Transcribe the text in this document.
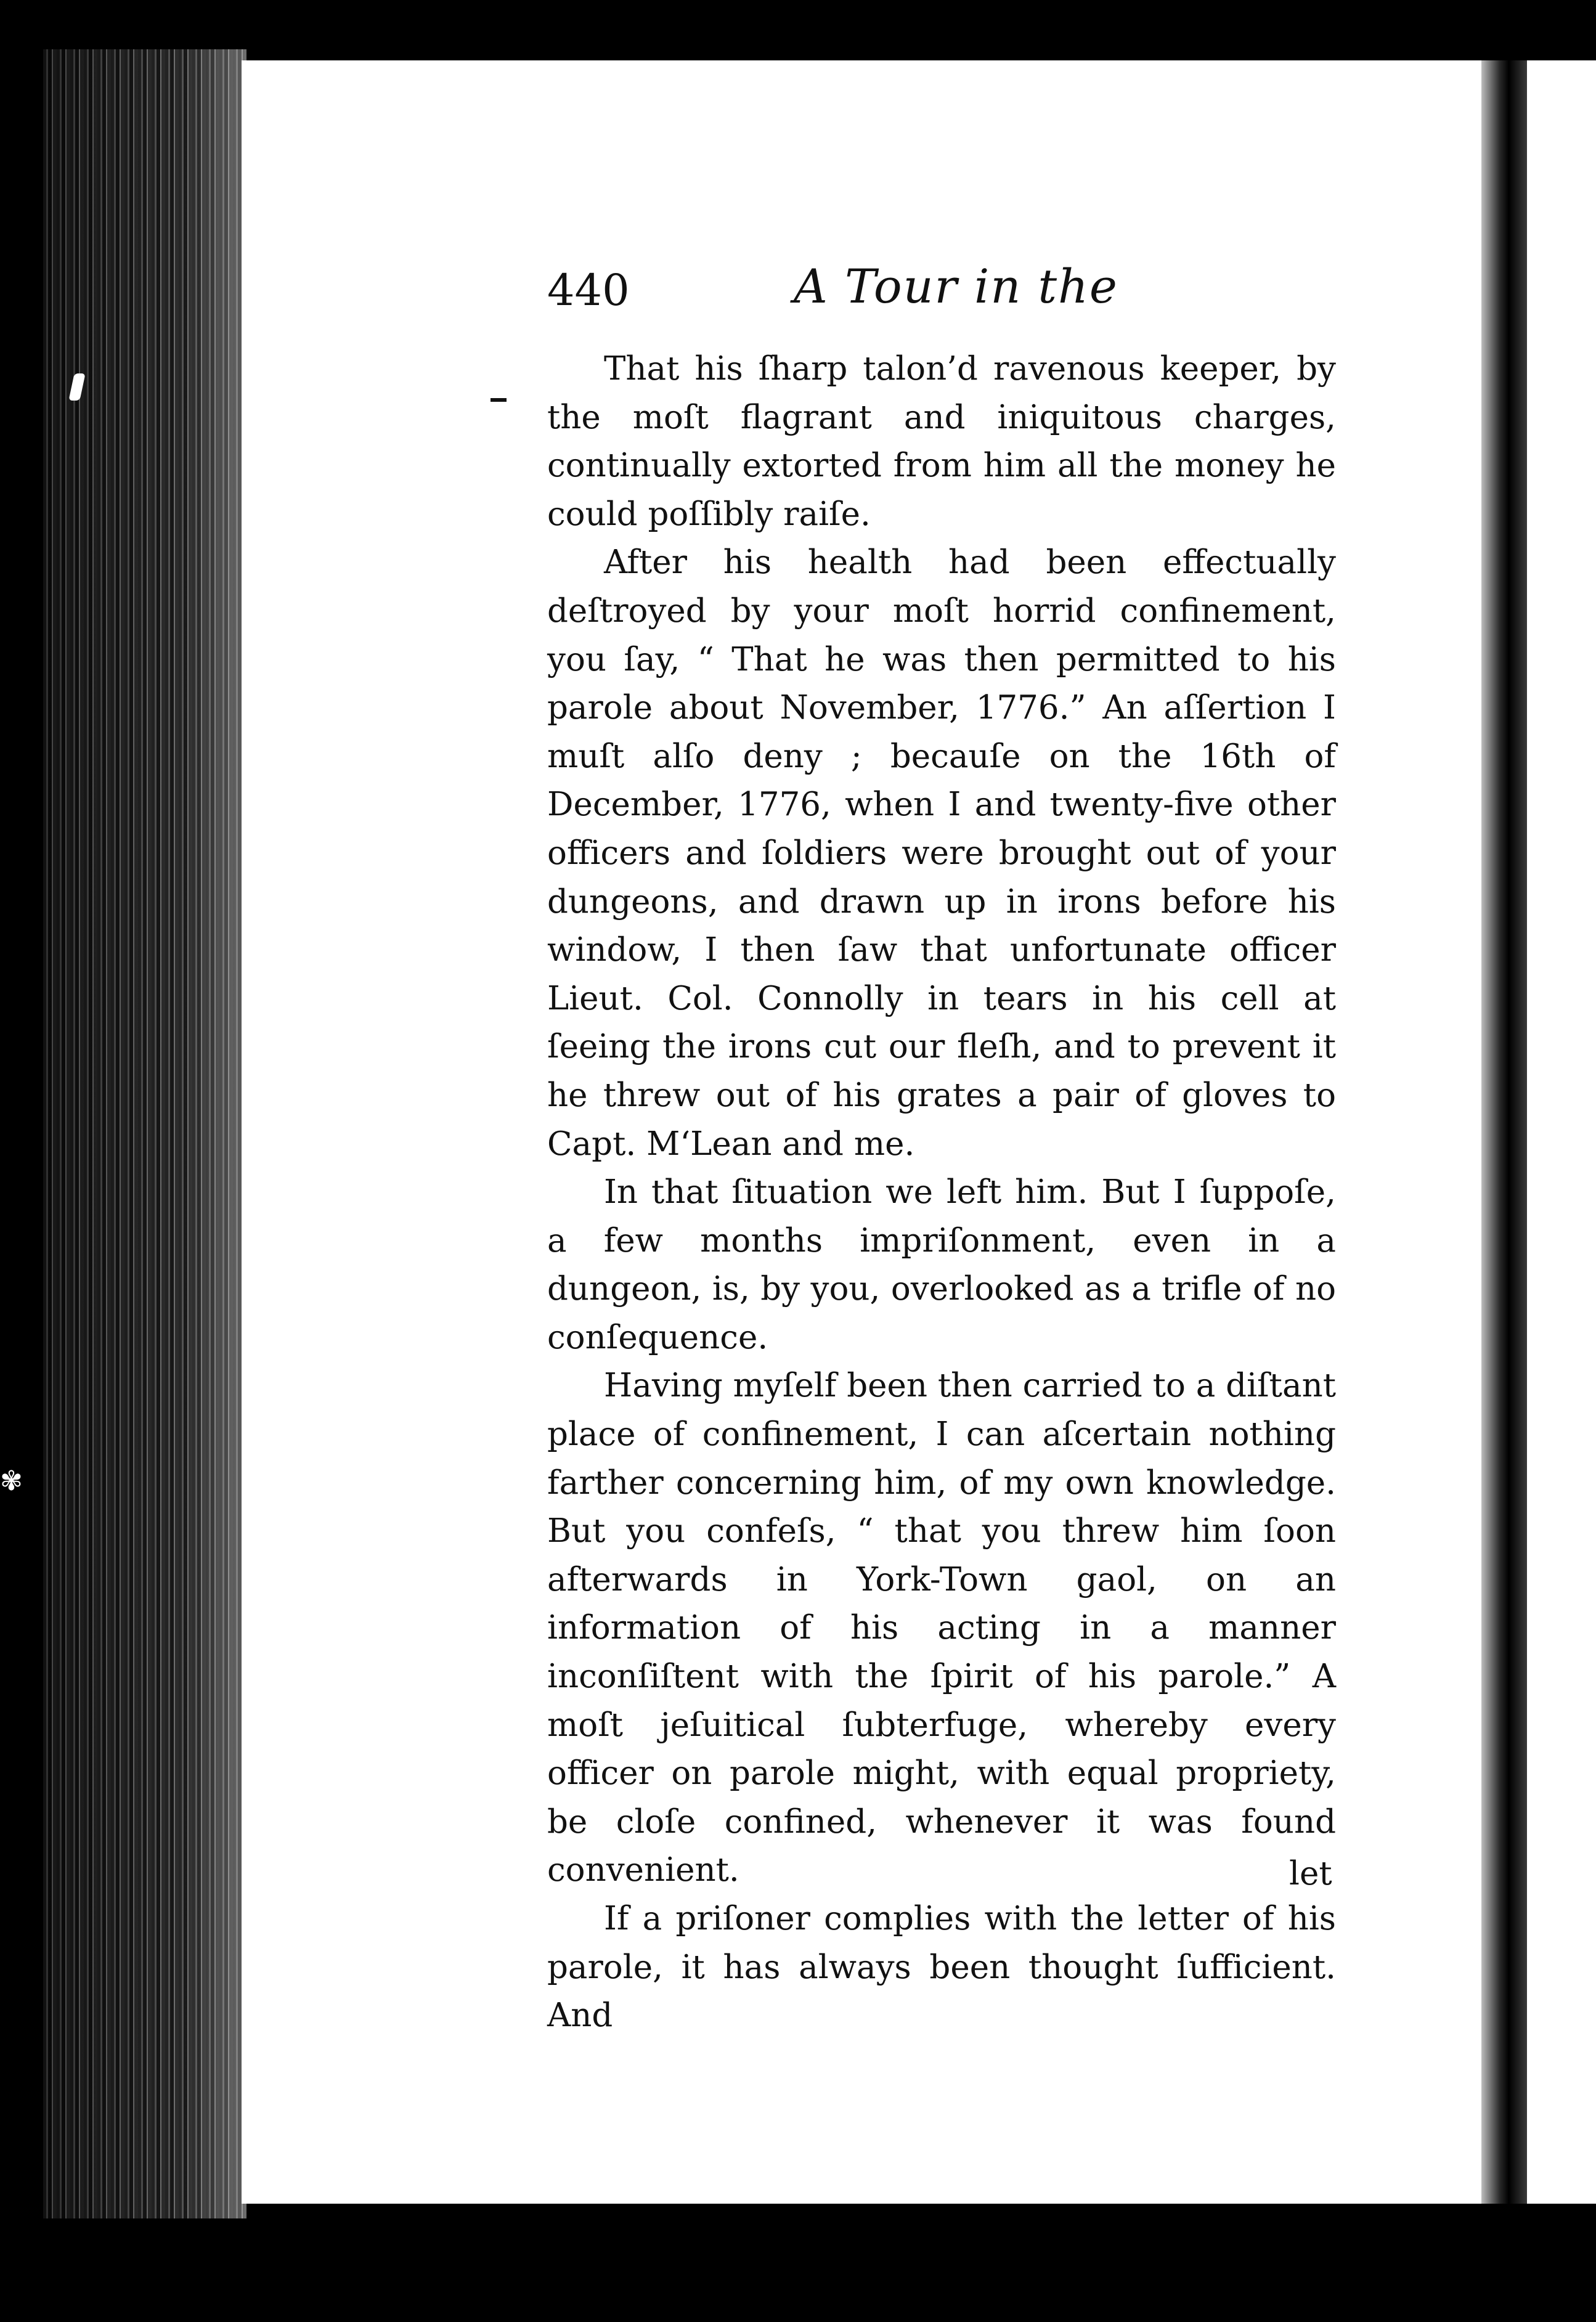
✾
440	A Tour in the

That his ſharp talon’d ravenous keeper, by the moſt flagrant and iniquitous charges, continually extorted from him all the money he could poſſibly raiſe.

After his health had been effectually deſtroyed by your moſt horrid confinement, you ſay, “ That he was then permitted to his parole about November, 1776.” An aſſertion I muſt alſo deny ; becauſe on the 16th of December, 1776, when I and twenty-five other officers and ſoldiers were brought out of your dungeons, and drawn up in irons before his window, I then ſaw that unfortunate officer Lieut. Col. Connolly in tears in his cell at ſeeing the irons cut our fleſh, and to prevent it he threw out of his grates a pair of gloves to Capt. M‘Lean and me.

In that ſituation we left him. But I ſuppoſe, a few months impriſonment, even in a dungeon, is, by you, overlooked as a trifle of no conſequence.

Having myſelf been then carried to a diſtant place of confinement, I can aſcertain nothing farther concerning him, of my own knowledge. But you confeſs, “ that you threw him ſoon afterwards in York-Town gaol, on an information of his acting in a manner inconſiſtent with the ſpirit of his parole.” A moſt jeſuitical ſubterfuge, whereby every officer on parole might, with equal propriety, be cloſe confined, whenever it was found convenient.

If a priſoner complies with the letter of his parole, it has always been thought ſufficient. And

let
